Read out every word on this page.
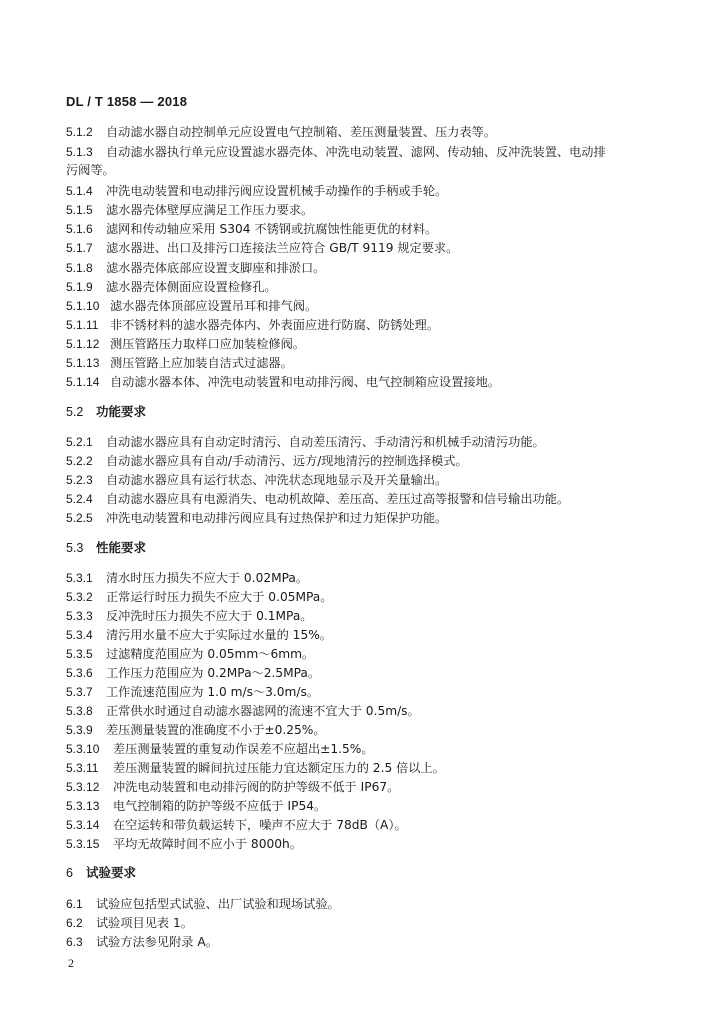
DL / T 1858 — 2018
5.1.2 自动滤水器自动控制单元应设置电气控制箱、差压测量装置、压力表等。
5.1.3 自动滤水器执行单元应设置滤水器壳体、冲洗电动装置、滤网、传动轴、反冲洗装置、电动排
污阀等。
5.1.4 冲洗电动装置和电动排污阀应设置机械手动操作的手柄或手轮。
5.1.5 滤水器壳体壁厚应满足工作压力要求。
5.1.6 滤网和传动轴应采用 S304 不锈钢或抗腐蚀性能更优的材料。
5.1.7 滤水器进、出口及排污口连接法兰应符合 GB/T 9119 规定要求。
5.1.8 滤水器壳体底部应设置支脚座和排淤口。
5.1.9 滤水器壳体侧面应设置检修孔。
5.1.10 滤水器壳体顶部应设置吊耳和排气阀。
5.1.11 非不锈材料的滤水器壳体内、外表面应进行防腐、防锈处理。
5.1.12 测压管路压力取样口应加装检修阀。
5.1.13 测压管路上应加装自洁式过滤器。
5.1.14 自动滤水器本体、冲洗电动装置和电动排污阀、电气控制箱应设置接地。
5.2 功能要求
5.2.1 自动滤水器应具有自动定时清污、自动差压清污、手动清污和机械手动清污功能。
5.2.2 自动滤水器应具有自动/手动清污、远方/现地清污的控制选择模式。
5.2.3 自动滤水器应具有运行状态、冲洗状态现地显示及开关量输出。
5.2.4 自动滤水器应具有电源消失、电动机故障、差压高、差压过高等报警和信号输出功能。
5.2.5 冲洗电动装置和电动排污阀应具有过热保护和过力矩保护功能。
5.3 性能要求
5.3.1 清水时压力损失不应大于 0.02MPa。
5.3.2 正常运行时压力损失不应大于 0.05MPa。
5.3.3 反冲洗时压力损失不应大于 0.1MPa。
5.3.4 清污用水量不应大于实际过水量的 15%。
5.3.5 过滤精度范围应为 0.05mm～6mm。
5.3.6 工作压力范围应为 0.2MPa～2.5MPa。
5.3.7 工作流速范围应为 1.0 m/s～3.0m/s。
5.3.8 正常供水时通过自动滤水器滤网的流速不宜大于 0.5m/s。
5.3.9 差压测量装置的准确度不小于±0.25%。
5.3.10 差压测量装置的重复动作误差不应超出±1.5%。
5.3.11 差压测量装置的瞬间抗过压能力宜达额定压力的 2.5 倍以上。
5.3.12 冲洗电动装置和电动排污阀的防护等级不低于 IP67。
5.3.13 电气控制箱的防护等级不应低于 IP54。
5.3.14 在空运转和带负载运转下，噪声不应大于 78dB（A）。
5.3.15 平均无故障时间不应小于 8000h。
6 试验要求
6.1 试验应包括型式试验、出厂试验和现场试验。
6.2 试验项目见表 1。
6.3 试验方法参见附录 A。
2
